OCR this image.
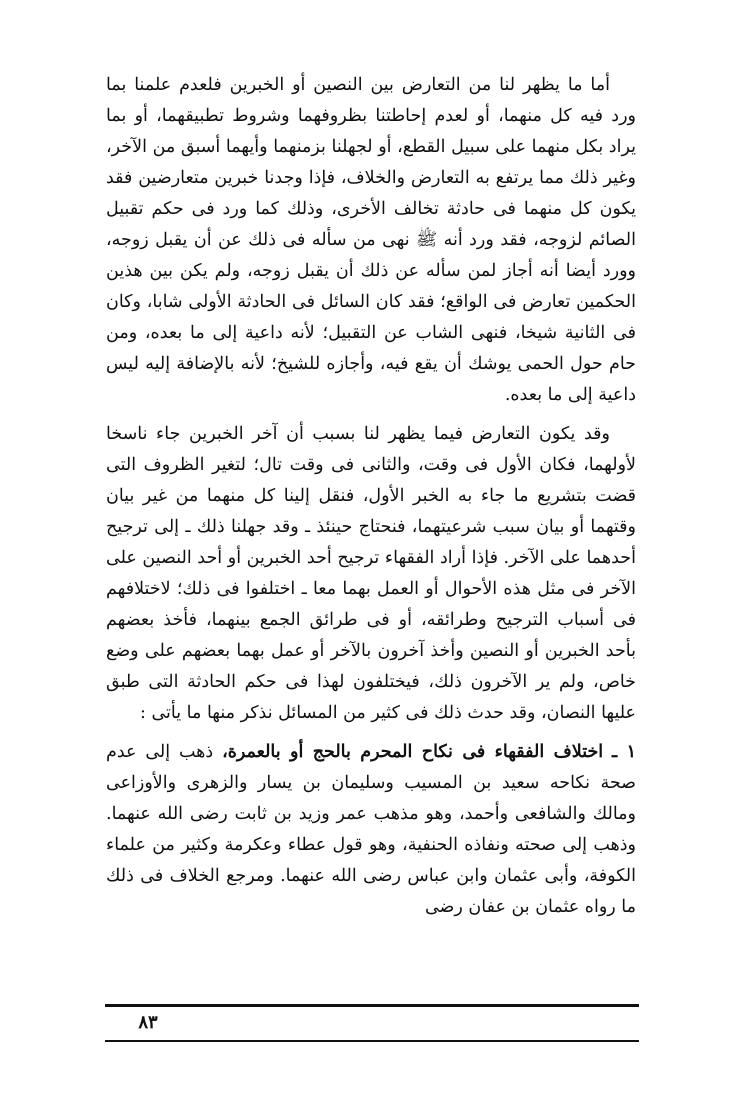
أما ما يظهر لنا من التعارض بين النصين أو الخبرين فلعدم علمنا بما ورد فيه كل منهما، أو لعدم إحاطتنا بظروفهما وشروط تطبيقهما، أو بما يراد بكل منهما على سبيل القطع، أو لجهلنا بزمنهما وأيهما أسبق من الآخر، وغير ذلك مما يرتفع به التعارض والخلاف، فإذا وجدنا خبرين متعارضين فقد يكون كل منهما فى حادثة تخالف الأخرى، وذلك كما ورد فى حكم تقبيل الصائم لزوجه، فقد ورد أنه ﷺ نهى من سأله فى ذلك عن أن يقبل زوجه، وورد أيضا أنه أجاز لمن سأله عن ذلك أن يقبل زوجه، ولم يكن بين هذين الحكمين تعارض فى الواقع؛ فقد كان السائل فى الحادثة الأولى شابا، وكان فى الثانية شيخا، فنهى الشاب عن التقبيل؛ لأنه داعية إلى ما بعده، ومن حام حول الحمى يوشك أن يقع فيه، وأجازه للشيخ؛ لأنه بالإضافة إليه ليس داعية إلى ما بعده.

وقد يكون التعارض فيما يظهر لنا بسبب أن آخر الخبرين جاء ناسخا لأولهما، فكان الأول فى وقت، والثانى فى وقت تال؛ لتغير الظروف التى قضت بتشريع ما جاء به الخبر الأول، فنقل إلينا كل منهما من غير بيان وقتهما أو بيان سبب شرعيتهما، فنحتاج حينئذ ـ وقد جهلنا ذلك ـ إلى ترجيح أحدهما على الآخر. فإذا أراد الفقهاء ترجيح أحد الخبرين أو أحد النصين على الآخر فى مثل هذه الأحوال أو العمل بهما معا ـ اختلفوا فى ذلك؛ لاختلافهم فى أسباب الترجيح وطرائقه، أو فى طرائق الجمع بينهما، فأخذ بعضهم بأحد الخبرين أو النصين وأخذ آخرون بالآخر أو عمل بهما بعضهم على وضع خاص، ولم ير الآخرون ذلك، فيختلفون لهذا فى حكم الحادثة التى طبق عليها النصان، وقد حدث ذلك فى كثير من المسائل نذكر منها ما يأتى :

١ ـ اختلاف الفقهاء فى نكاح المحرم بالحج أو بالعمرة، ذهب إلى عدم صحة نكاحه سعيد بن المسيب وسليمان بن يسار والزهرى والأوزاعى ومالك والشافعى وأحمد، وهو مذهب عمر وزيد بن ثابت رضى الله عنهما. وذهب إلى صحته ونفاذه الحنفية، وهو قول عطاء وعكرمة وكثير من علماء الكوفة، وأبى عثمان وابن عباس رضى الله عنهما. ومرجع الخلاف فى ذلك ما رواه عثمان بن عفان رضى

٨٣
